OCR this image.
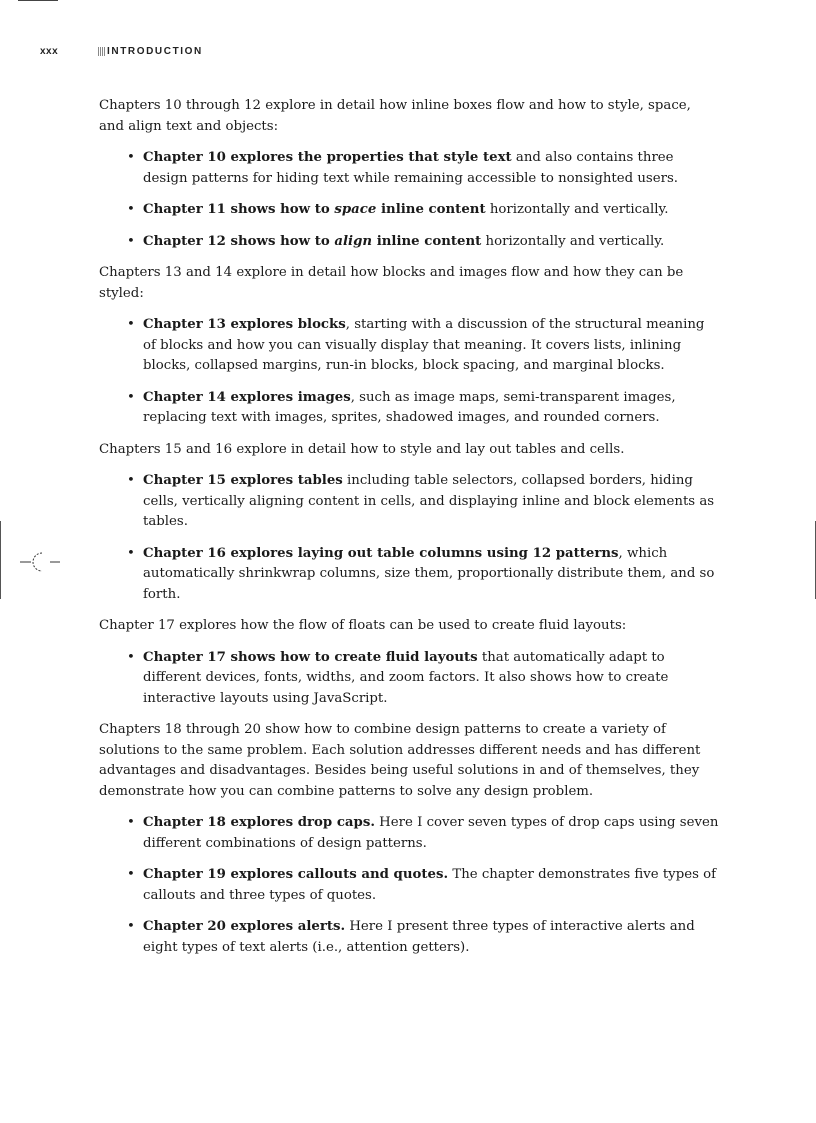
xxx	INTRODUCTION

Chapters 10 through 12 explore in detail how inline boxes flow and how to style, space, and align text and objects:

• Chapter 10 explores the properties that style text and also contains three design patterns for hiding text while remaining accessible to nonsighted users.
• Chapter 11 shows how to space inline content horizontally and vertically.
• Chapter 12 shows how to align inline content horizontally and vertically.

Chapters 13 and 14 explore in detail how blocks and images flow and how they can be styled:

• Chapter 13 explores blocks, starting with a discussion of the structural meaning of blocks and how you can visually display that meaning. It covers lists, inlining blocks, collapsed margins, run-in blocks, block spacing, and marginal blocks.
• Chapter 14 explores images, such as image maps, semi-transparent images, replacing text with images, sprites, shadowed images, and rounded corners.

Chapters 15 and 16 explore in detail how to style and lay out tables and cells.

• Chapter 15 explores tables including table selectors, collapsed borders, hiding cells, vertically aligning content in cells, and displaying inline and block elements as tables.
• Chapter 16 explores laying out table columns using 12 patterns, which automatically shrinkwrap columns, size them, proportionally distribute them, and so forth.

Chapter 17 explores how the flow of floats can be used to create fluid layouts:

• Chapter 17 shows how to create fluid layouts that automatically adapt to different devices, fonts, widths, and zoom factors. It also shows how to create interactive layouts using JavaScript.

Chapters 18 through 20 show how to combine design patterns to create a variety of solutions to the same problem. Each solution addresses different needs and has different advantages and disadvantages. Besides being useful solutions in and of themselves, they demonstrate how you can combine patterns to solve any design problem.

• Chapter 18 explores drop caps. Here I cover seven types of drop caps using seven different combinations of design patterns.
• Chapter 19 explores callouts and quotes. The chapter demonstrates five types of callouts and three types of quotes.
• Chapter 20 explores alerts. Here I present three types of interactive alerts and eight types of text alerts (i.e., attention getters).
